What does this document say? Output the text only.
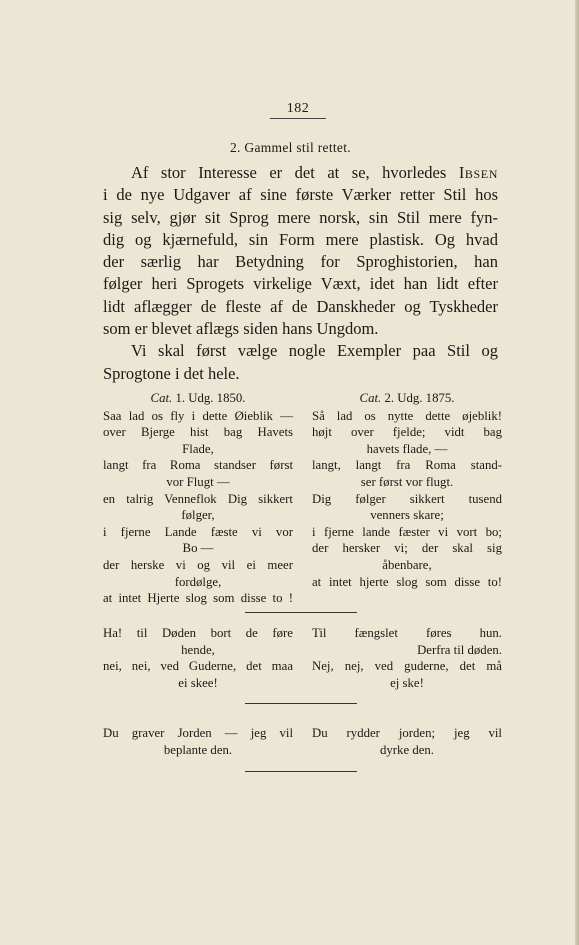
182
2. Gammel stil rettet.
Af stor Interesse er det at se, hvorledes Ibsen
i de nye Udgaver af sine første Værker retter Stil hos
sig selv, gjør sit Sprog mere norsk, sin Stil mere fyn-
dig og kjærnefuld, sin Form mere plastisk. Og hvad
der særlig har Betydning for Sproghistorien, han
følger heri Sprogets virkelige Væxt, idet han lidt efter
lidt aflægger de fleste af de Danskheder og Tyskheder
som er blevet aflægs siden hans Ungdom.
Vi skal først vælge nogle Exempler paa Stil og
Sprogtone i det hele.
Cat. 1. Udg. 1850.
Saa lad os fly i dette Øieblik —
over Bjerge hist bag Havets
Flade,
langt fra Roma standser først
vor Flugt —
en talrig Venneflok Dig sikkert
følger,
i fjerne Lande fæste vi vor
Bo —
der herske vi og vil ei meer
fordølge,
at intet Hjerte slog som disse to !
Cat. 2. Udg. 1875.
Så lad os nytte dette øjeblik!
højt over fjelde; vidt bag
havets flade, —
langt, langt fra Roma stand-
ser først vor flugt.
Dig følger sikkert tusend
venners skare;
i fjerne lande fæster vi vort bo;
der hersker vi; der skal sig
åbenbare,
at intet hjerte slog som disse to!
Ha! til Døden bort de føre
hende,
nei, nei, ved Guderne, det maa
ei skee!
Til fængslet føres hun.
Derfra til døden.
Nej, nej, ved guderne, det må
ej ske!
Du graver Jorden — jeg vil
beplante den.
Du rydder jorden; jeg vil
dyrke den.
